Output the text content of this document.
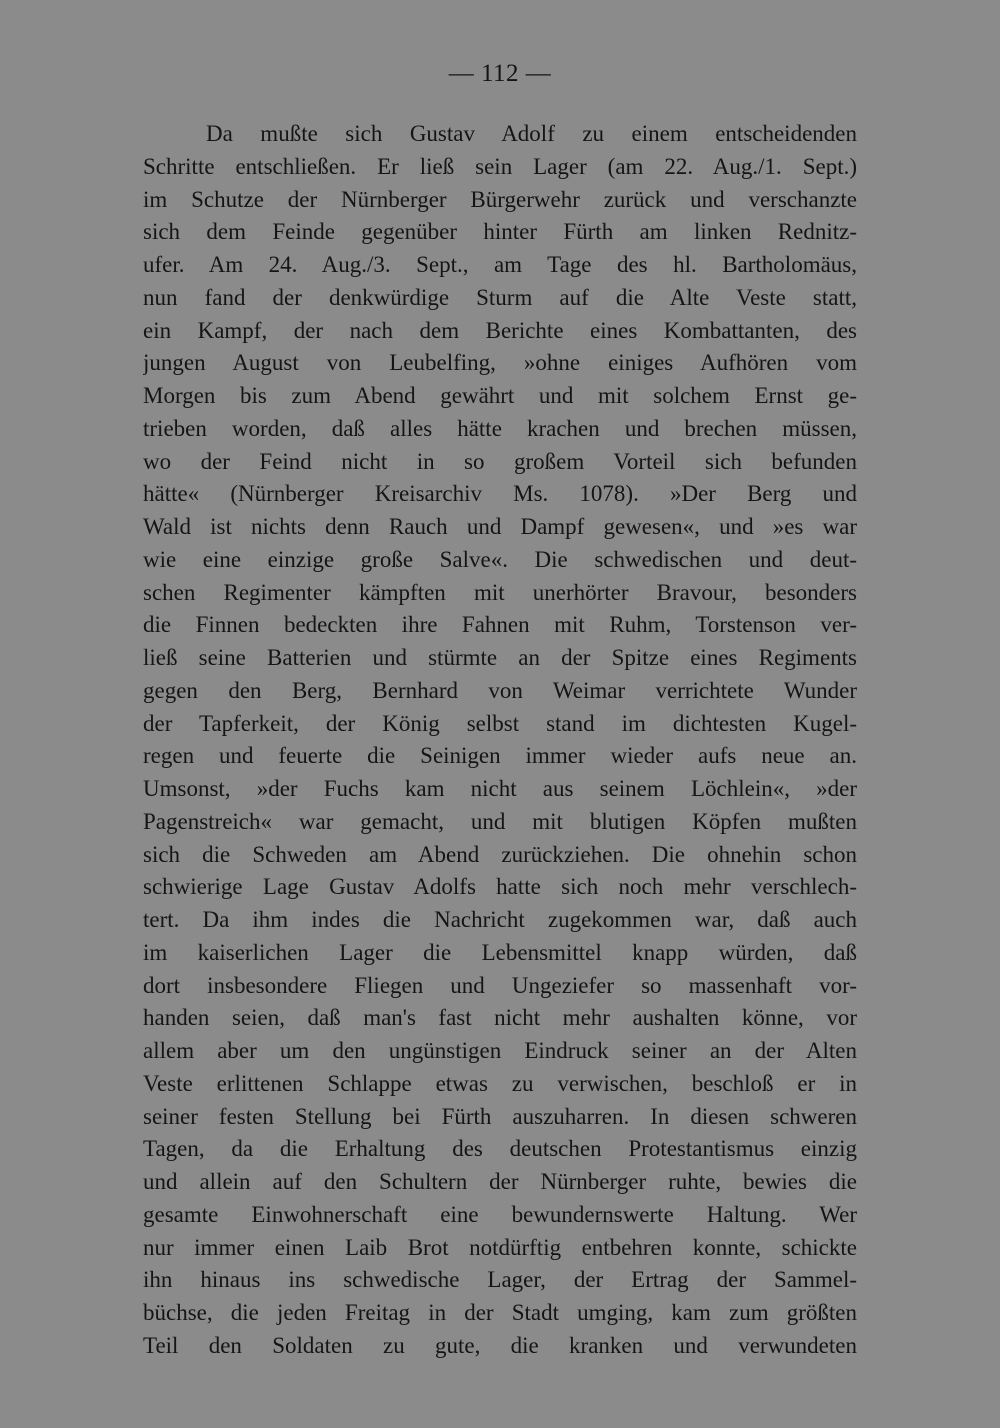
— 112 —
Da mußte sich Gustav Adolf zu einem entscheidenden
Schritte entschließen. Er ließ sein Lager (am 22. Aug./1. Sept.)
im Schutze der Nürnberger Bürgerwehr zurück und verschanzte
sich dem Feinde gegenüber hinter Fürth am linken Rednitz-
ufer. Am 24. Aug./3. Sept., am Tage des hl. Bartholomäus,
nun fand der denkwürdige Sturm auf die Alte Veste statt,
ein Kampf, der nach dem Berichte eines Kombattanten, des
jungen August von Leubelfing, »ohne einiges Aufhören vom
Morgen bis zum Abend gewährt und mit solchem Ernst ge-
trieben worden, daß alles hätte krachen und brechen müssen,
wo der Feind nicht in so großem Vorteil sich befunden
hätte« (Nürnberger Kreisarchiv Ms. 1078). »Der Berg und
Wald ist nichts denn Rauch und Dampf gewesen«, und »es war
wie eine einzige große Salve«. Die schwedischen und deut-
schen Regimenter kämpften mit unerhörter Bravour, besonders
die Finnen bedeckten ihre Fahnen mit Ruhm, Torstenson ver-
ließ seine Batterien und stürmte an der Spitze eines Regiments
gegen den Berg, Bernhard von Weimar verrichtete Wunder
der Tapferkeit, der König selbst stand im dichtesten Kugel-
regen und feuerte die Seinigen immer wieder aufs neue an.
Umsonst, »der Fuchs kam nicht aus seinem Löchlein«, »der
Pagenstreich« war gemacht, und mit blutigen Köpfen mußten
sich die Schweden am Abend zurückziehen. Die ohnehin schon
schwierige Lage Gustav Adolfs hatte sich noch mehr verschlech-
tert. Da ihm indes die Nachricht zugekommen war, daß auch
im kaiserlichen Lager die Lebensmittel knapp würden, daß
dort insbesondere Fliegen und Ungeziefer so massenhaft vor-
handen seien, daß man's fast nicht mehr aushalten könne, vor
allem aber um den ungünstigen Eindruck seiner an der Alten
Veste erlittenen Schlappe etwas zu verwischen, beschloß er in
seiner festen Stellung bei Fürth auszuharren. In diesen schweren
Tagen, da die Erhaltung des deutschen Protestantismus einzig
und allein auf den Schultern der Nürnberger ruhte, bewies die
gesamte Einwohnerschaft eine bewundernswerte Haltung. Wer
nur immer einen Laib Brot notdürftig entbehren konnte, schickte
ihn hinaus ins schwedische Lager, der Ertrag der Sammel-
büchse, die jeden Freitag in der Stadt umging, kam zum größten
Teil den Soldaten zu gute, die kranken und verwundeten
